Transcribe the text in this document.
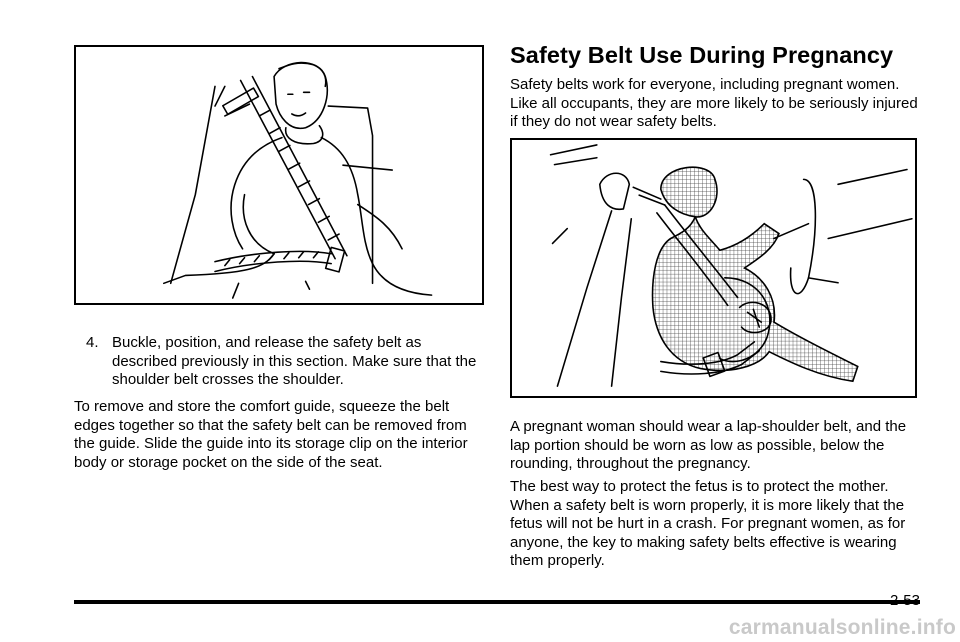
4. Buckle, position, and release the safety belt as described previously in this section. Make sure that the shoulder belt crosses the shoulder.

To remove and store the comfort guide, squeeze the belt edges together so that the safety belt can be removed from the guide. Slide the guide into its storage clip on the interior body or storage pocket on the side of the seat.

Safety Belt Use During Pregnancy

Safety belts work for everyone, including pregnant women. Like all occupants, they are more likely to be seriously injured if they do not wear safety belts.

A pregnant woman should wear a lap-shoulder belt, and the lap portion should be worn as low as possible, below the rounding, throughout the pregnancy.

The best way to protect the fetus is to protect the mother. When a safety belt is worn properly, it is more likely that the fetus will not be hurt in a crash. For pregnant women, as for anyone, the key to making safety belts effective is wearing them properly.

2-53
carmanualsonline.info
